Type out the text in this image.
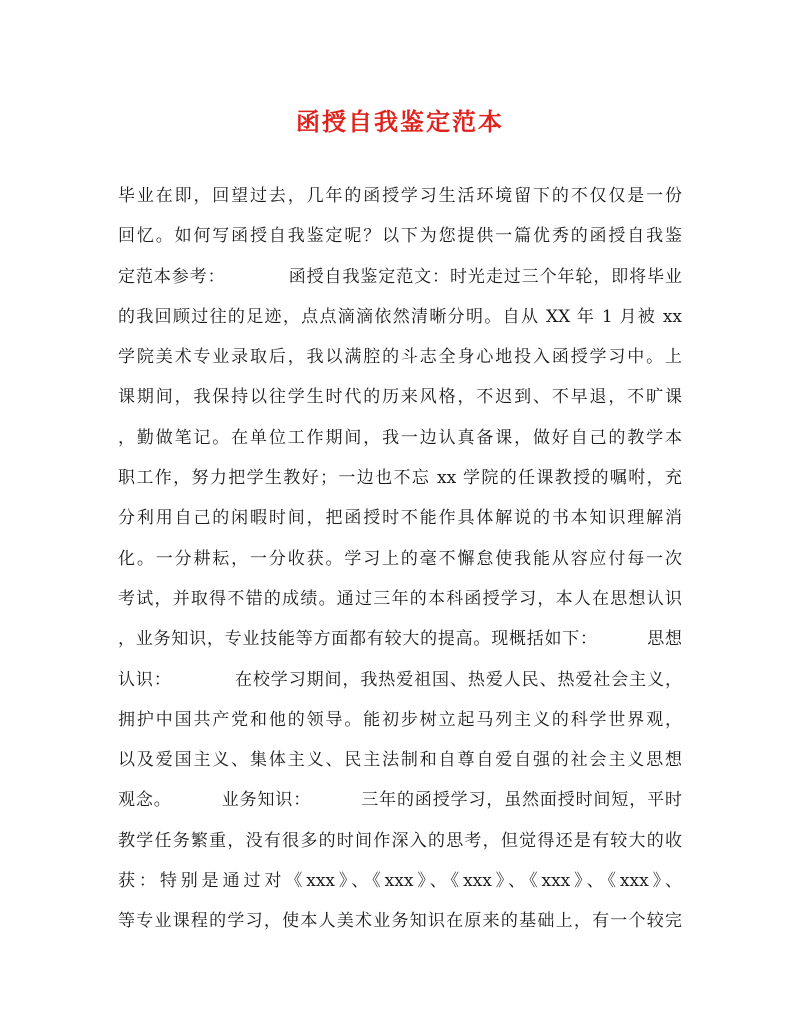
函授自我鉴定范本
毕业在即，回望过去，几年的函授学习生活环境留下的不仅仅是一份
回忆。如何写函授自我鉴定呢？以下为您提供一篇优秀的函授自我鉴
定范本参考：          函授自我鉴定范文：时光走过三个年轮，即将毕业
的我回顾过往的足迹，点点滴滴依然清晰分明。自从 XX 年 1 月被 xx
学院美术专业录取后，我以满腔的斗志全身心地投入函授学习中。上
课期间，我保持以往学生时代的历来风格，不迟到、不早退，不旷课
，勤做笔记。在单位工作期间，我一边认真备课，做好自己的教学本
职工作，努力把学生教好；一边也不忘 xx 学院的任课教授的嘱咐，充
分利用自己的闲暇时间，把函授时不能作具体解说的书本知识理解消
化。一分耕耘，一分收获。学习上的毫不懈怠使我能从容应付每一次
考试，并取得不错的成绩。通过三年的本科函授学习，本人在思想认识
，业务知识，专业技能等方面都有较大的提高。现概括如下：        思想
认识：          在校学习期间，我热爱祖国、热爱人民、热爱社会主义，
拥护中国共产党和他的领导。能初步树立起马列主义的科学世界观，
以及爱国主义、集体主义、民主法制和自尊自爱自强的社会主义思想
观念。        业务知识：        三年的函授学习，虽然面授时间短，平时
教学任务繁重，没有很多的时间作深入的思考，但觉得还是有较大的收
获：特别是通过对《xxx》、《xxx》、《xxx》、《xxx》、《xxx》、
等专业课程的学习，使本人美术业务知识在原来的基础上，有一个较完
